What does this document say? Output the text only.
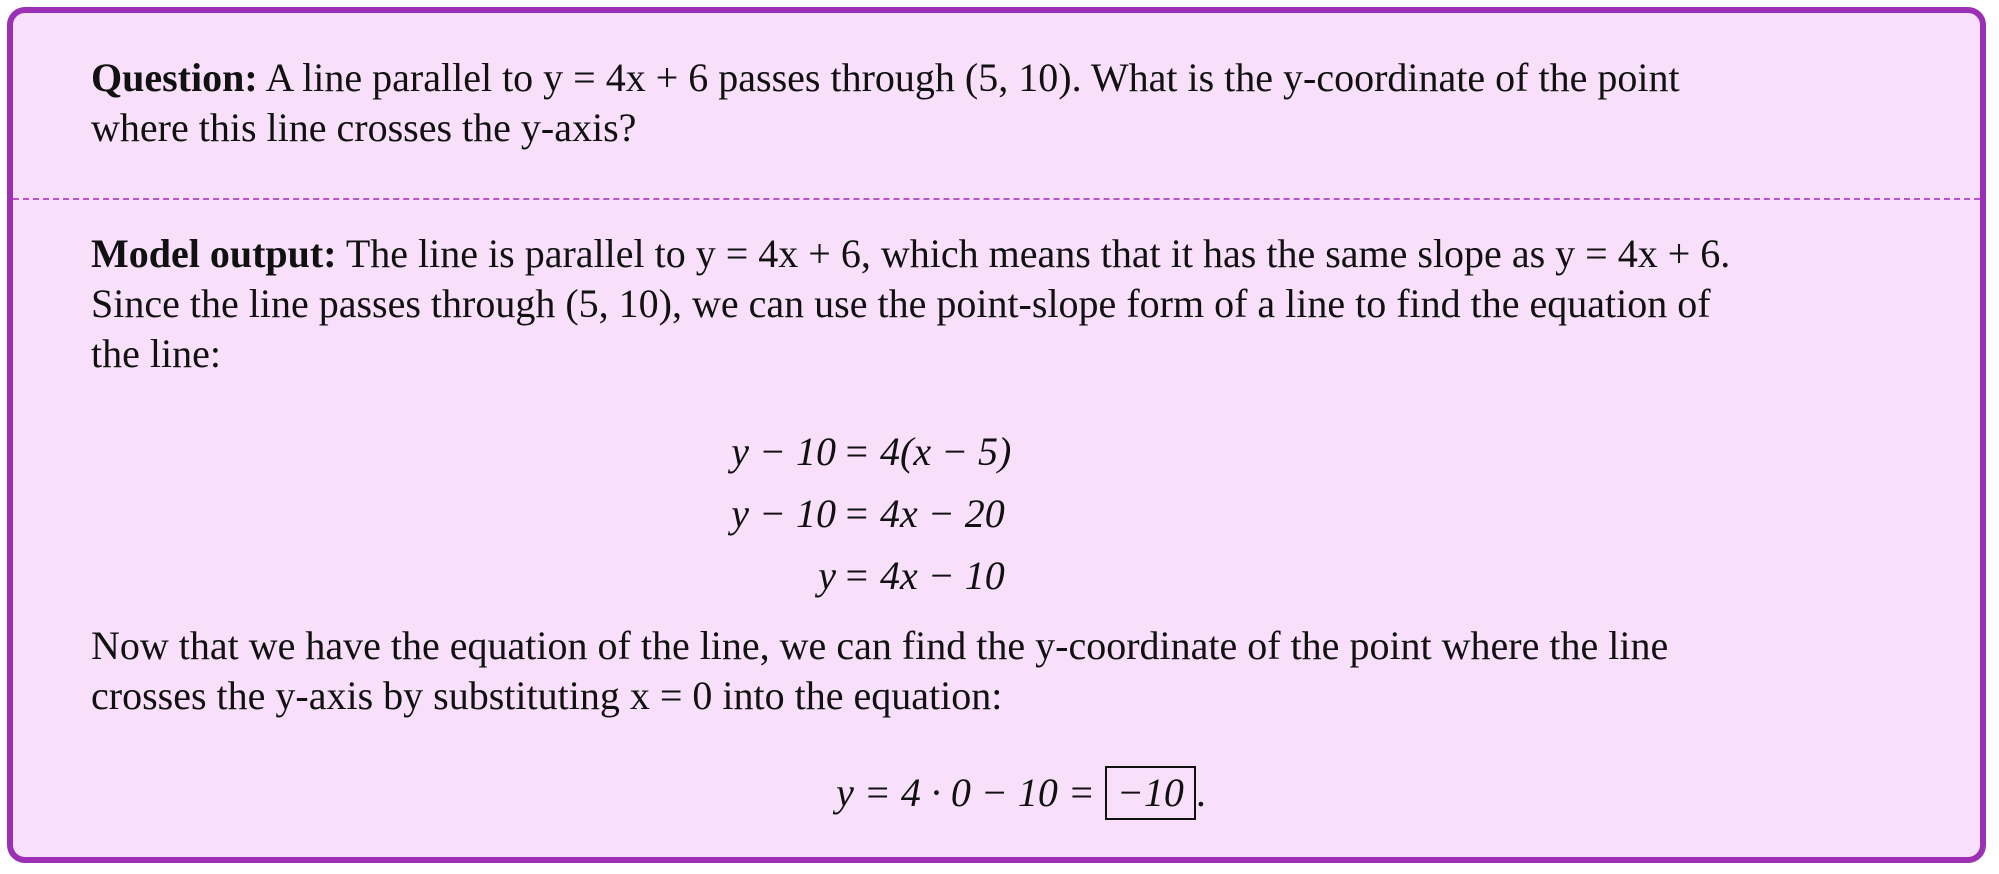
Question: A line parallel to y = 4x + 6 passes through (5, 10). What is the y-coordinate of the point

where this line crosses the y-axis?

Model output: The line is parallel to y = 4x + 6, which means that it has the same slope as y = 4x + 6.

Since the line passes through (5, 10), we can use the point-slope form of a line to find the equation of

the line:

y − 10 = 4(x − 5)
y − 10 = 4x − 20
y = 4x − 10

Now that we have the equation of the line, we can find the y-coordinate of the point where the line

crosses the y-axis by substituting x = 0 into the equation:

y = 4 · 0 − 10 = −10 .
